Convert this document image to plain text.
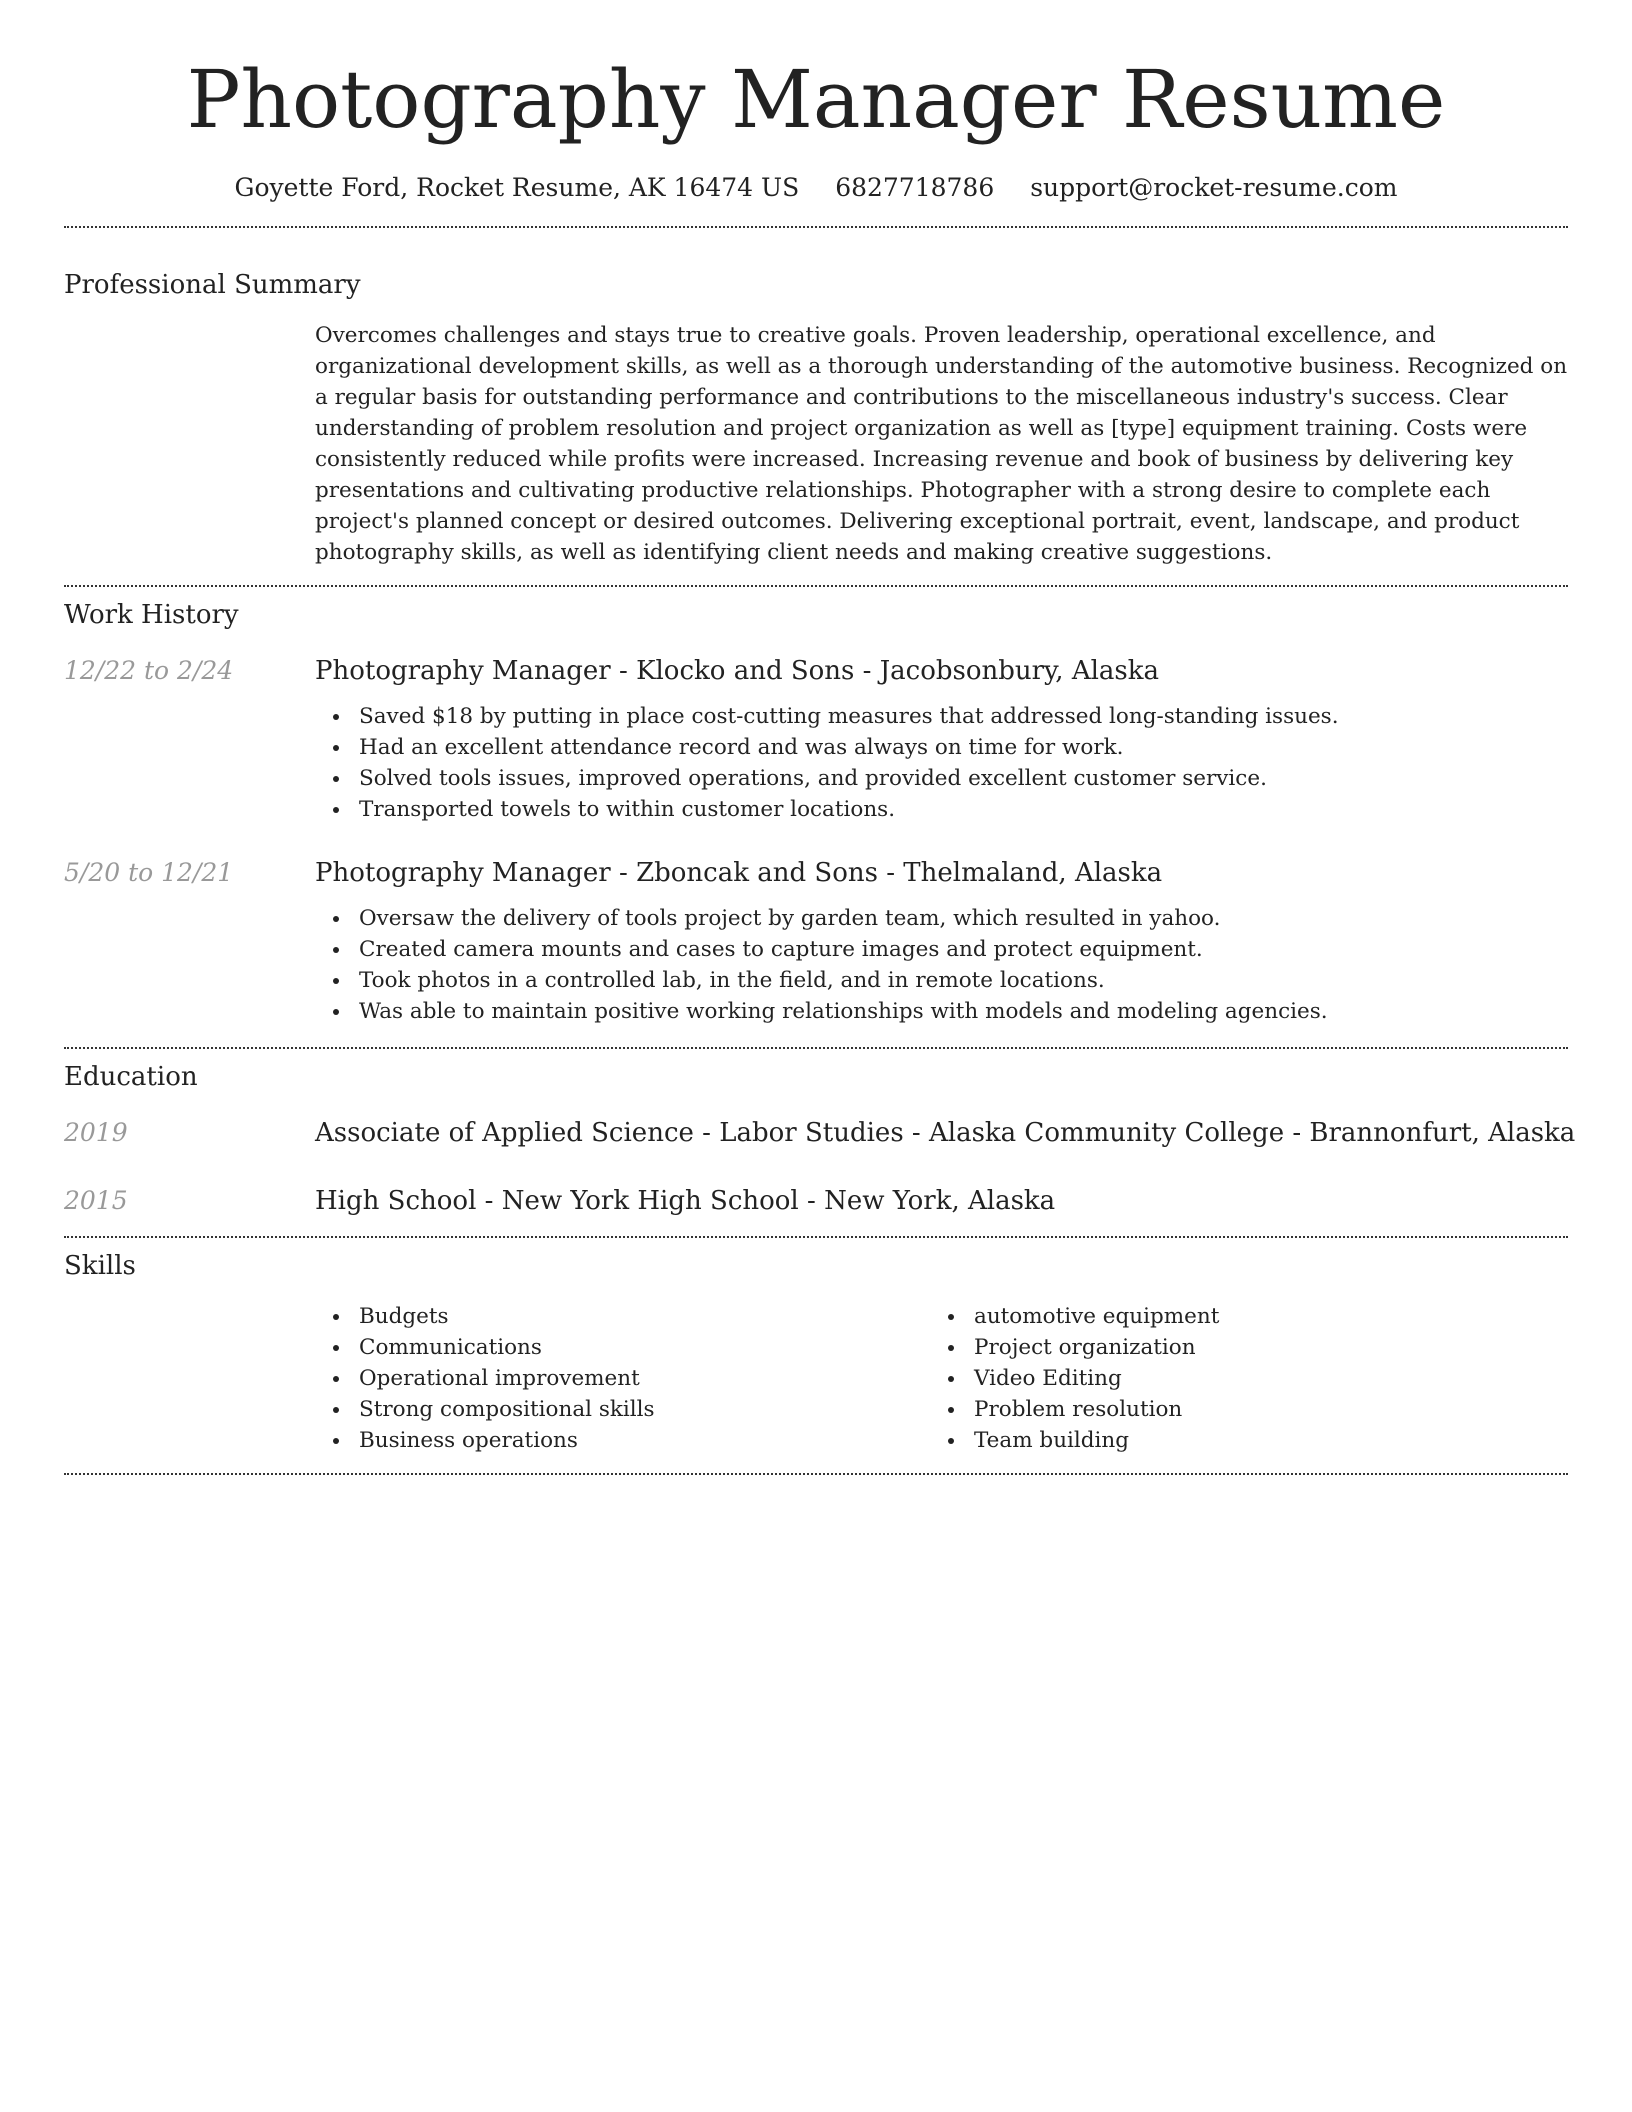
Photography Manager Resume
Goyette Ford, Rocket Resume, AK 16474 US 6827718786 support@rocket-resume.com
Professional Summary

Overcomes challenges and stays true to creative goals. Proven leadership, operational excellence, and organizational development skills, as well as a thorough understanding of the automotive business. Recognized on a regular basis for outstanding performance and contributions to the miscellaneous industry's success. Clear understanding of problem resolution and project organization as well as [type] equipment training. Costs were consistently reduced while profits were increased. Increasing revenue and book of business by delivering key presentations and cultivating productive relationships. Photographer with a strong desire to complete each project's planned concept or desired outcomes. Delivering exceptional portrait, event, landscape, and product photography skills, as well as identifying client needs and making creative suggestions.

Work History
12/22 to 2/24	Photography Manager - Klocko and Sons - Jacobsonbury, Alaska
Saved $18 by putting in place cost-cutting measures that addressed long-standing issues.
Had an excellent attendance record and was always on time for work.
Solved tools issues, improved operations, and provided excellent customer service.
Transported towels to within customer locations.
5/20 to 12/21	Photography Manager - Zboncak and Sons - Thelmaland, Alaska
Oversaw the delivery of tools project by garden team, which resulted in yahoo.
Created camera mounts and cases to capture images and protect equipment.
Took photos in a controlled lab, in the field, and in remote locations.
Was able to maintain positive working relationships with models and modeling agencies.
Education
2019	Associate of Applied Science - Labor Studies - Alaska Community College - Brannonfurt, Alaska
2015	High School - New York High School - New York, Alaska
Skills
Budgets
Communications
Operational improvement
Strong compositional skills
Business operations
automotive equipment
Project organization
Video Editing
Problem resolution
Team building
